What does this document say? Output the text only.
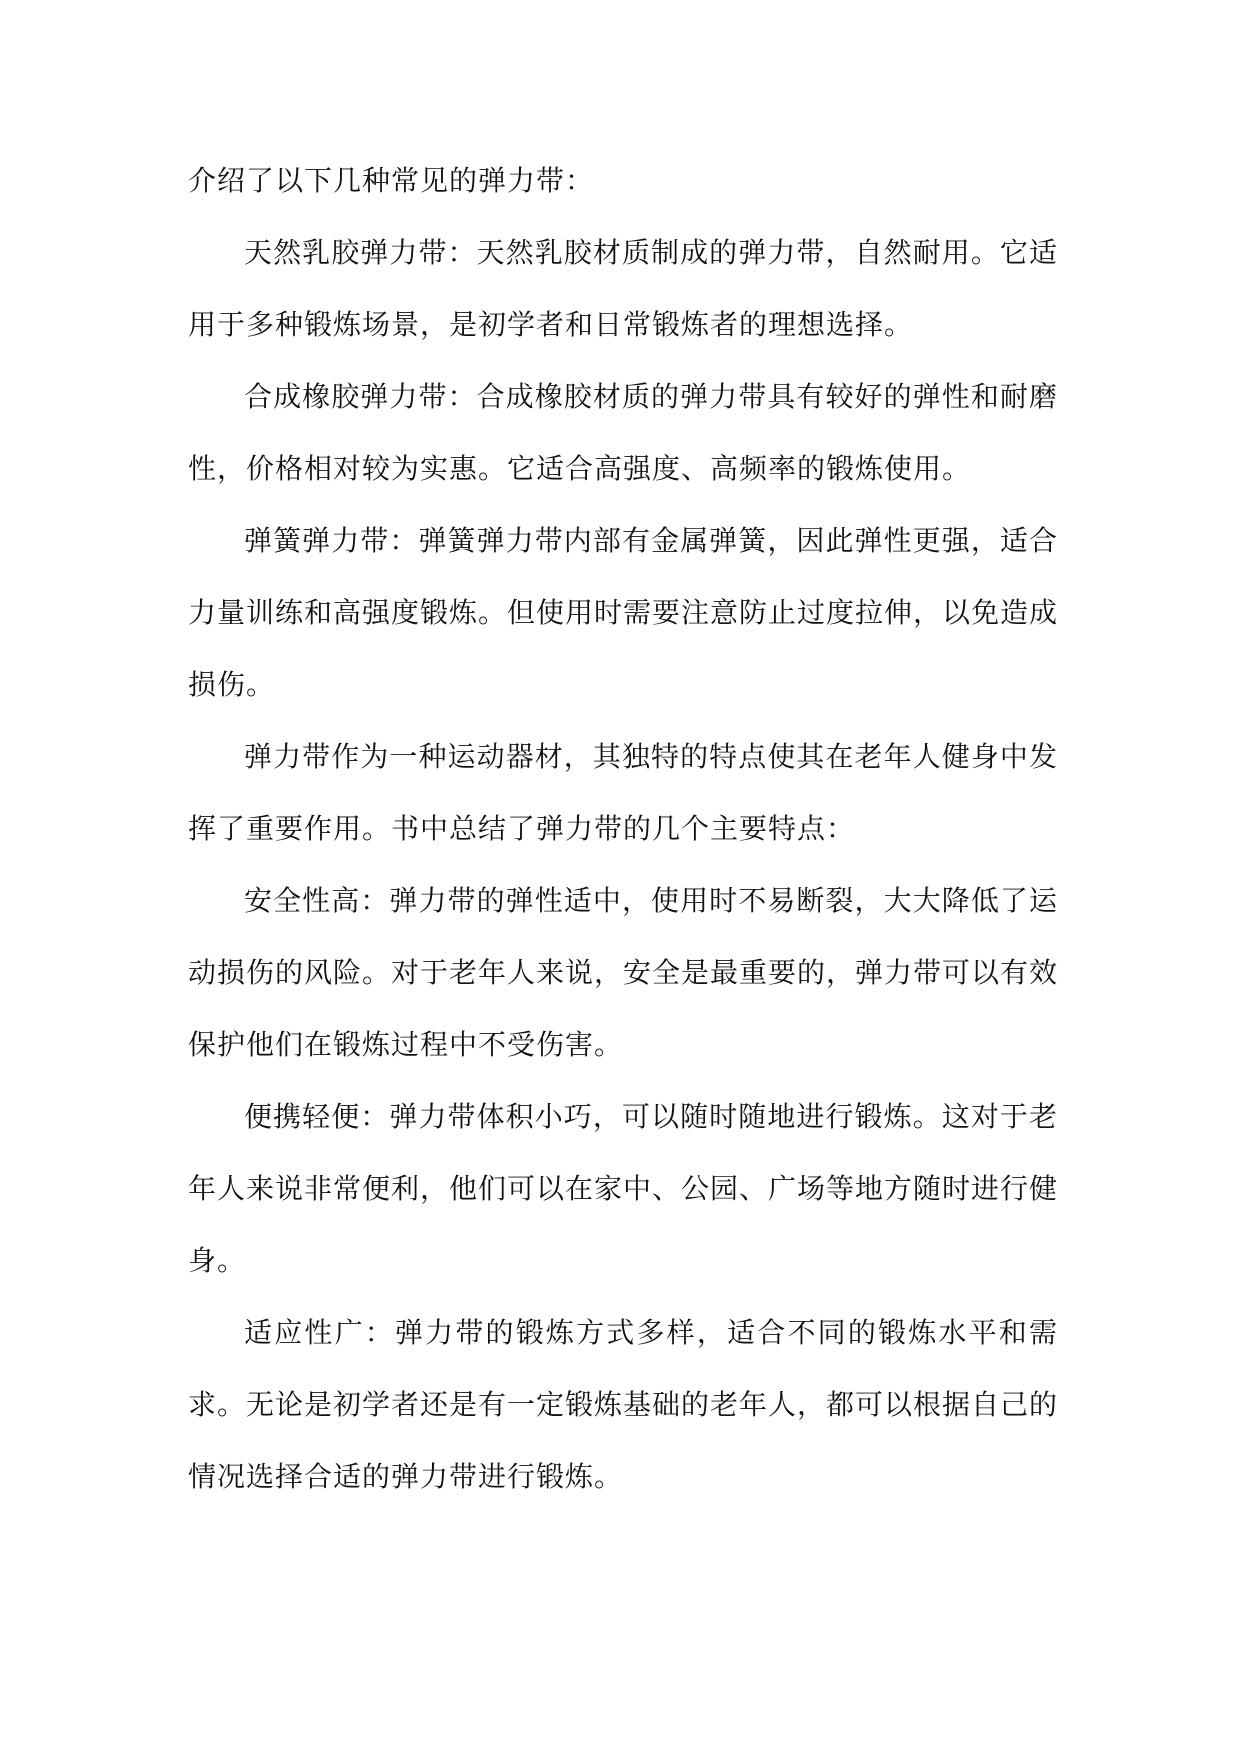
介绍了以下几种常见的弹力带：

天然乳胶弹力带：天然乳胶材质制成的弹力带，自然耐用。它适用于多种锻炼场景，是初学者和日常锻炼者的理想选择。

合成橡胶弹力带：合成橡胶材质的弹力带具有较好的弹性和耐磨性，价格相对较为实惠。它适合高强度、高频率的锻炼使用。

弹簧弹力带：弹簧弹力带内部有金属弹簧，因此弹性更强，适合力量训练和高强度锻炼。但使用时需要注意防止过度拉伸，以免造成损伤。

弹力带作为一种运动器材，其独特的特点使其在老年人健身中发挥了重要作用。书中总结了弹力带的几个主要特点：

安全性高：弹力带的弹性适中，使用时不易断裂，大大降低了运动损伤的风险。对于老年人来说，安全是最重要的，弹力带可以有效保护他们在锻炼过程中不受伤害。

便携轻便：弹力带体积小巧，可以随时随地进行锻炼。这对于老年人来说非常便利，他们可以在家中、公园、广场等地方随时进行健身。

适应性广：弹力带的锻炼方式多样，适合不同的锻炼水平和需求。无论是初学者还是有一定锻炼基础的老年人，都可以根据自己的情况选择合适的弹力带进行锻炼。
